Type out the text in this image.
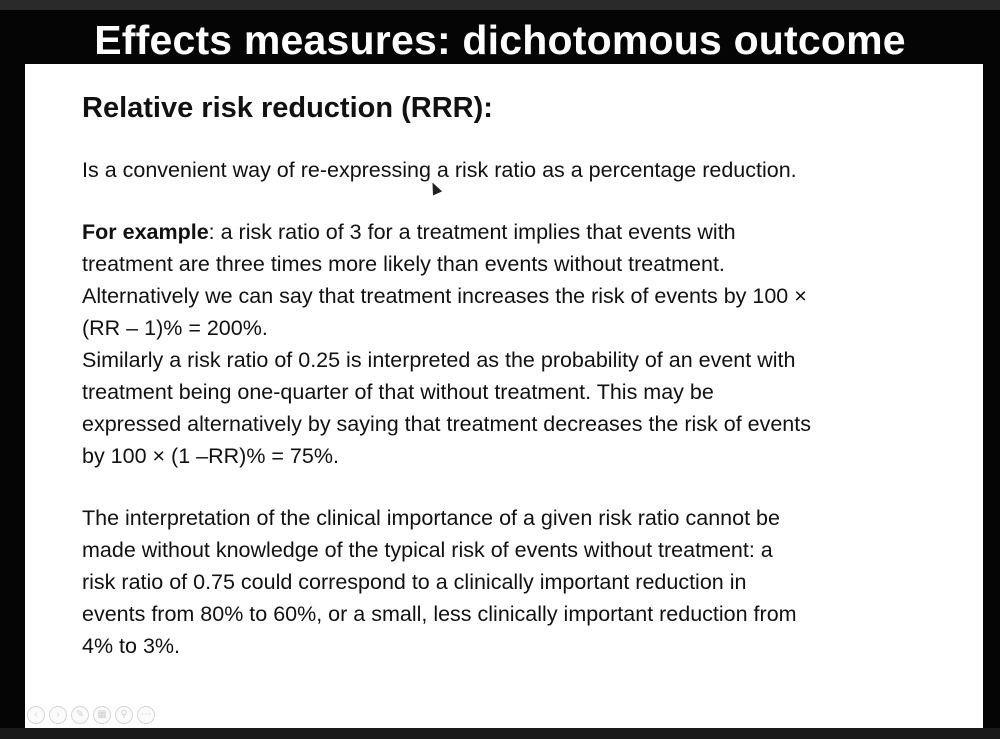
Effects measures: dichotomous outcome
Relative risk reduction (RRR):
Is a convenient way of re-expressing a risk ratio as a percentage reduction.
For example: a risk ratio of 3 for a treatment implies that events with
treatment are three times more likely than events without treatment.
Alternatively we can say that treatment increases the risk of events by 100 ×
(RR – 1)% = 200%.
Similarly a risk ratio of 0.25 is interpreted as the probability of an event with
treatment being one-quarter of that without treatment. This may be
expressed alternatively by saying that treatment decreases the risk of events
by 100 × (1 –RR)% = 75%.
The interpretation of the clinical importance of a given risk ratio cannot be
made without knowledge of the typical risk of events without treatment: a
risk ratio of 0.75 could correspond to a clinically important reduction in
events from 80% to 60%, or a small, less clinically important reduction from
4% to 3%.
‹	›	✎	▦	⚲	⋯
